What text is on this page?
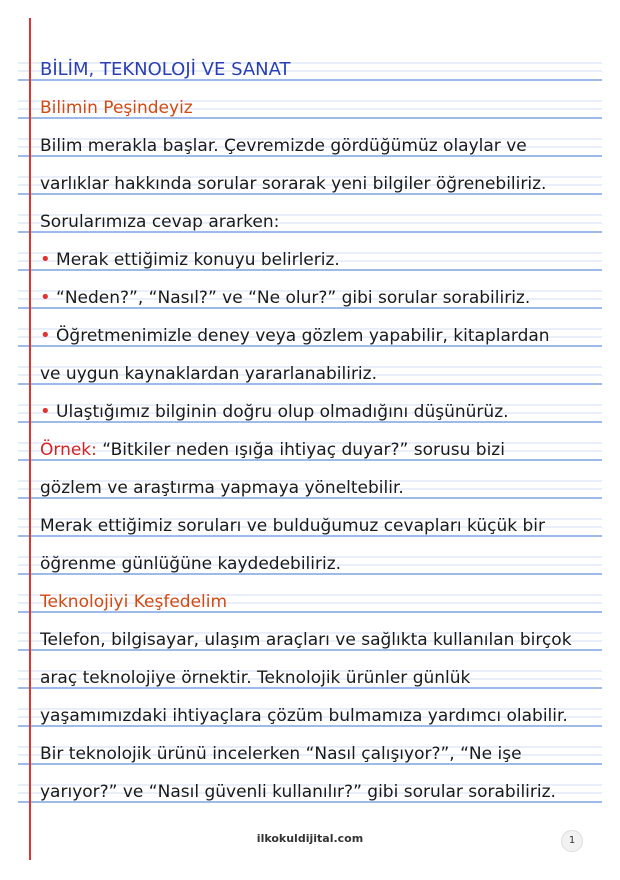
BİLİM, TEKNOLOJİ VE SANAT
Bilimin Peşindeyiz
Bilim merakla başlar. Çevremizde gördüğümüz olaylar ve
varlıklar hakkında sorular sorarak yeni bilgiler öğrenebiliriz.
Sorularımıza cevap ararken:
• Merak ettiğimiz konuyu belirleriz.
• “Neden?”, “Nasıl?” ve “Ne olur?” gibi sorular sorabiliriz.
• Öğretmenimizle deney veya gözlem yapabilir, kitaplardan
ve uygun kaynaklardan yararlanabiliriz.
• Ulaştığımız bilginin doğru olup olmadığını düşünürüz.
Örnek: “Bitkiler neden ışığa ihtiyaç duyar?” sorusu bizi
gözlem ve araştırma yapmaya yöneltebilir.
Merak ettiğimiz soruları ve bulduğumuz cevapları küçük bir
öğrenme günlüğüne kaydedebiliriz.
Teknolojiyi Keşfedelim
Telefon, bilgisayar, ulaşım araçları ve sağlıkta kullanılan birçok
araç teknolojiye örnektir. Teknolojik ürünler günlük
yaşamımızdaki ihtiyaçlara çözüm bulmamıza yardımcı olabilir.
Bir teknolojik ürünü incelerken “Nasıl çalışıyor?”, “Ne işe
yarıyor?” ve “Nasıl güvenli kullanılır?” gibi sorular sorabiliriz.
ilkokuldijital.com	1
